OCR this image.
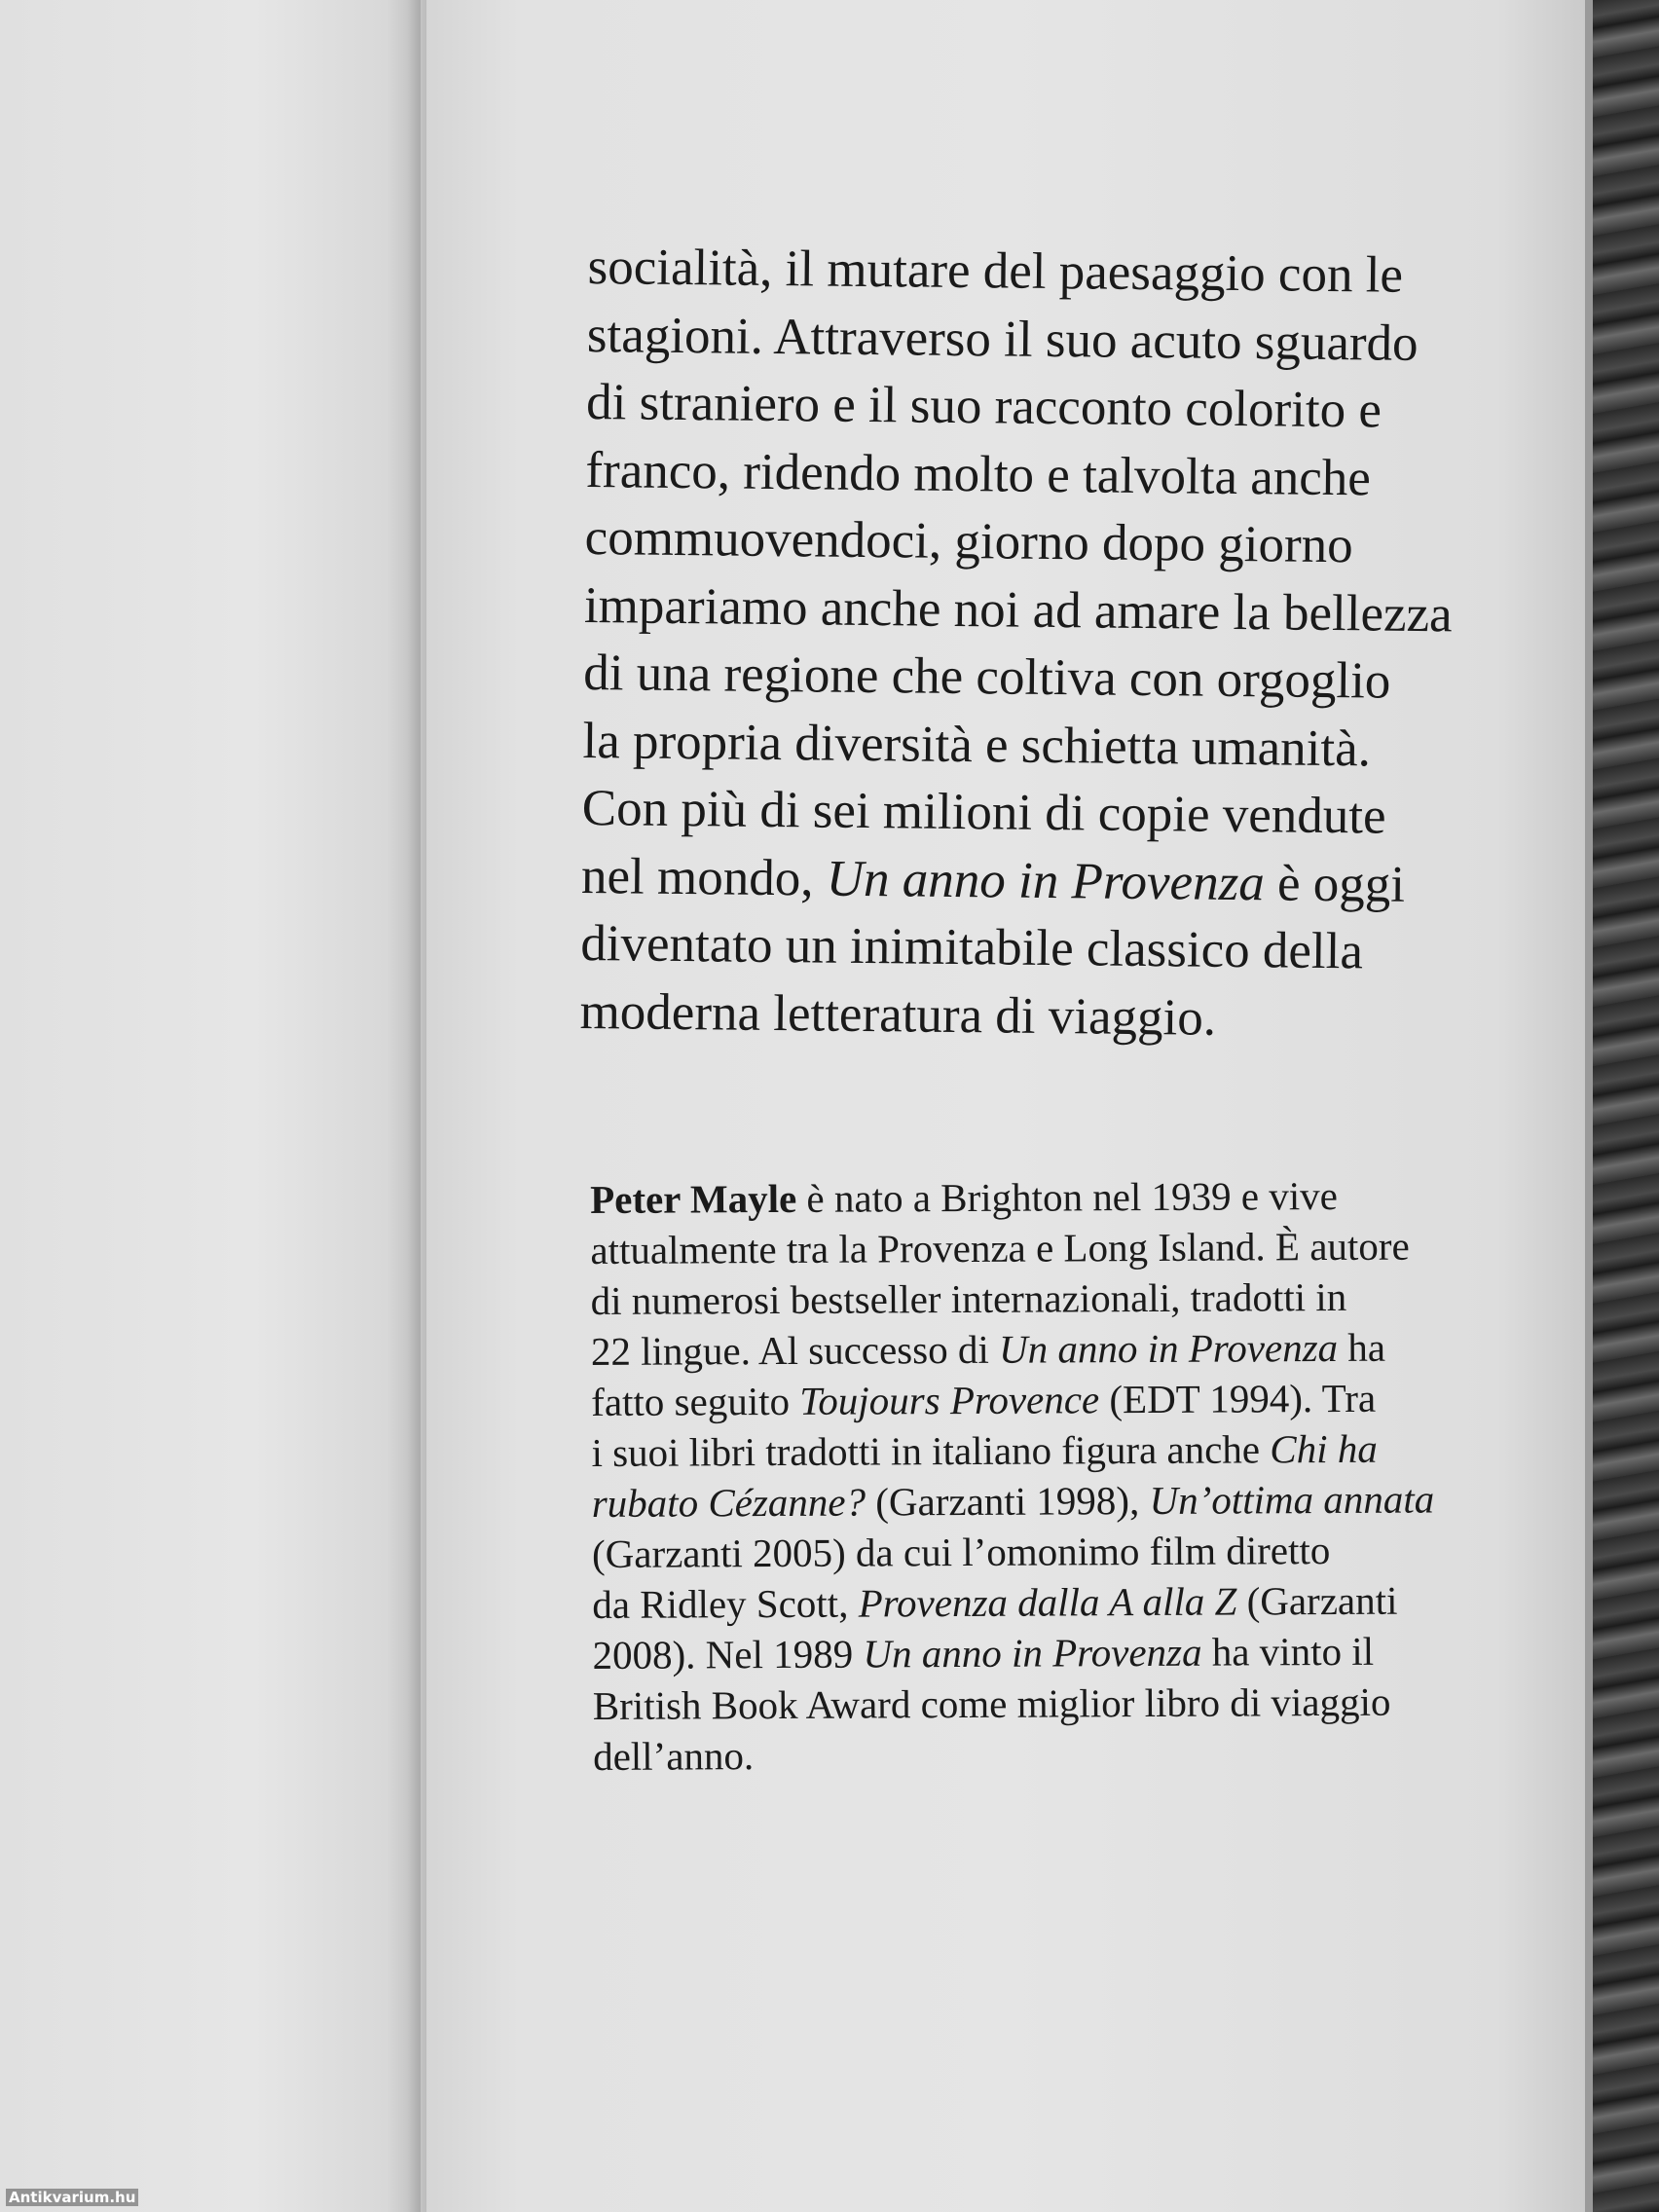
socialità, il mutare del paesaggio con le
stagioni. Attraverso il suo acuto sguardo
di straniero e il suo racconto colorito e
franco, ridendo molto e talvolta anche
commuovendoci, giorno dopo giorno
impariamo anche noi ad amare la bellezza
di una regione che coltiva con orgoglio
la propria diversità e schietta umanità.
Con più di sei milioni di copie vendute
nel mondo, Un anno in Provenza è oggi
diventato un inimitabile classico della
moderna letteratura di viaggio.
Peter Mayle è nato a Brighton nel 1939 e vive
attualmente tra la Provenza e Long Island. È autore
di numerosi bestseller internazionali, tradotti in
22 lingue. Al successo di Un anno in Provenza ha
fatto seguito Toujours Provence (EDT 1994). Tra
i suoi libri tradotti in italiano figura anche Chi ha
rubato Cézanne? (Garzanti 1998), Un’ottima annata
(Garzanti 2005) da cui l’omonimo film diretto
da Ridley Scott, Provenza dalla A alla Z (Garzanti
2008). Nel 1989 Un anno in Provenza ha vinto il
British Book Award come miglior libro di viaggio
dell’anno.
Antikvarium.hu
